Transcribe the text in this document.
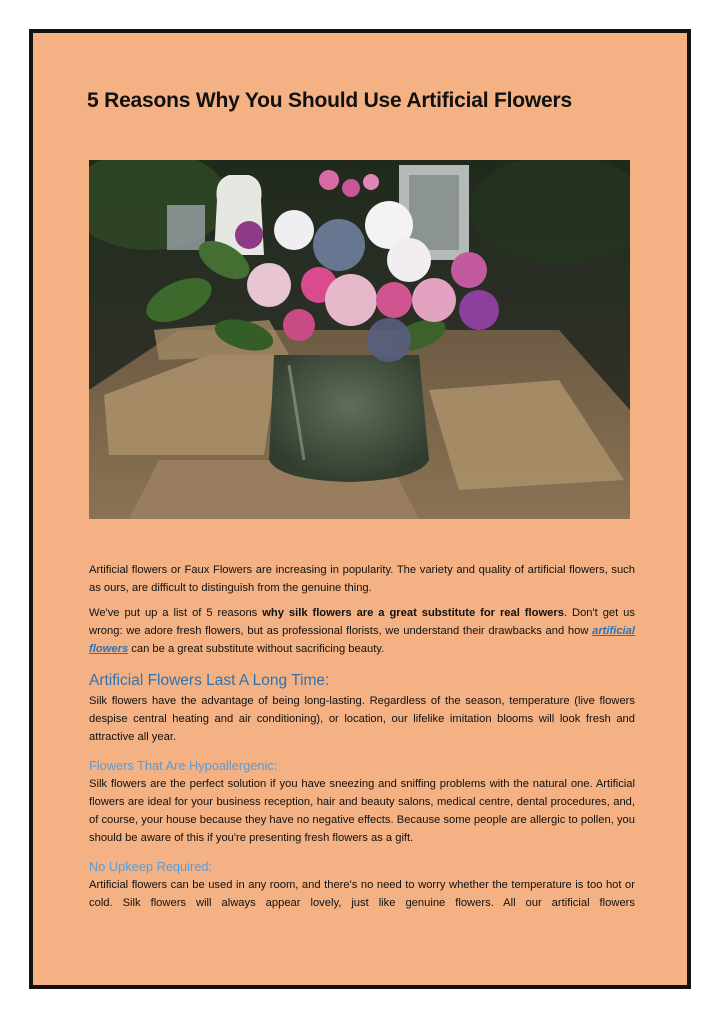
5 Reasons Why You Should Use Artificial Flowers

Artificial flowers or Faux Flowers are increasing in popularity. The variety and quality of artificial flowers, such as ours, are difficult to distinguish from the genuine thing.

We've put up a list of 5 reasons why silk flowers are a great substitute for real flowers. Don't get us wrong: we adore fresh flowers, but as professional florists, we understand their drawbacks and how artificial flowers can be a great substitute without sacrificing beauty.

Artificial Flowers Last A Long Time:

Silk flowers have the advantage of being long-lasting. Regardless of the season, temperature (live flowers despise central heating and air conditioning), or location, our lifelike imitation blooms will look fresh and attractive all year.

Flowers That Are Hypoallergenic:

Silk flowers are the perfect solution if you have sneezing and sniffing problems with the natural one. Artificial flowers are ideal for your business reception, hair and beauty salons, medical centre, dental procedures, and, of course, your house because they have no negative effects. Because some people are allergic to pollen, you should be aware of this if you're presenting fresh flowers as a gift.

No Upkeep Required:

Artificial flowers can be used in any room, and there's no need to worry whether the temperature is too hot or cold. Silk flowers will always appear lovely, just like genuine flowers. All our artificial flowers
